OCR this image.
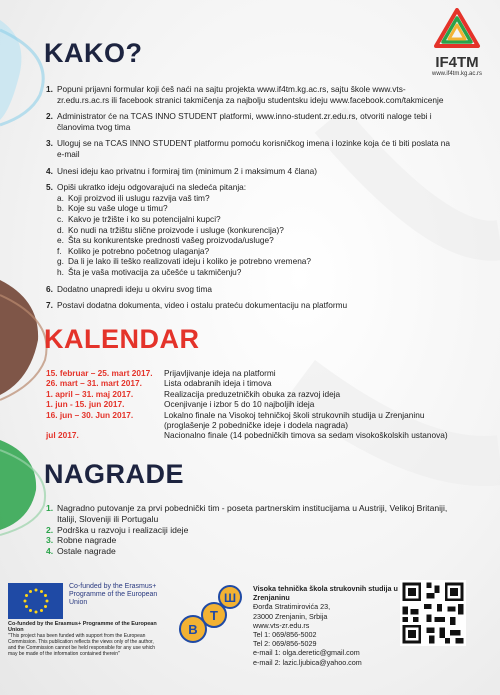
IF4TM
www.if4tm.kg.ac.rs
KAKO?
1. Popuni prijavni formular koji ćeš naći na sajtu projekta www.if4tm.kg.ac.rs, sajtu škole www.vts-zr.edu.rs.ac.rs ili facebook stranici takmičenja za najbolju studentsku ideju www.facebook.com/takmicenje
2. Administrator će na TCAS INNO STUDENT platformi, www.inno-student.zr.edu.rs, otvoriti naloge tebi i članovima tvog tima
3. Uloguj se na TCAS INNO STUDENT platformu pomoću korisničkog imena i lozinke koja će ti biti poslata na e-mail
4. Unesi ideju kao privatnu i formiraj tim (minimum 2 i maksimum 4 člana)
5. Opiši ukratko ideju odgovarajući na sledeća pitanja:
a. Koji proizvod ili uslugu razvija vaš tim?
b. Koje su vaše uloge u timu?
c. Kakvo je tržište i ko su potencijalni kupci?
d. Ko nudi na tržištu slične proizvode i usluge (konkurencija)?
e. Šta su konkurentske prednosti vašeg proizvoda/usluge?
f. Koliko je potrebno početnog ulaganja?
g. Da li je lako ili teško realizovati ideju i koliko je potrebno vremena?
h. Šta je vaša motivacija za učešće u takmičenju?
6. Dodatno unapredi ideju u okviru svog tima
7. Postavi dodatna dokumenta, video i ostalu prateću dokumentaciju na platformu
KALENDAR
15. februar – 25. mart 2017.	Prijavljivanje ideja na platformi
26. mart – 31. mart 2017.	Lista odabranih ideja i timova
1. april – 31. maj 2017.	Realizacija preduzetničkih obuka za razvoj ideja
1. jun - 15. jun 2017.	Ocenjivanje i izbor 5 do 10 najboljih ideja
16. jun – 30. Jun 2017.	Lokalno finale na Visokoj tehničkoj školi strukovnih studija u Zrenjaninu (proglašenje 2 pobedničke ideje i dodela nagrada)
jul 2017.	Nacionalno finale (14 pobedničkih timova sa sedam visokoškolskih ustanova)
NAGRADE
1. Nagradno putovanje za prvi pobednički tim - poseta partnerskim institucijama u Austriji, Velikoj Britaniji, Italiji, Sloveniji ili Portugalu
2. Podrška u razvoju i realizaciji ideje
3. Robne nagrade
4. Ostale nagrade
Co-funded by the Erasmus+ Programme of the European Union
Co-funded by the Erasmus+ Programme of the European Union
"This project has been funded with support from the European Commission. This publication reflects the views only of the author, and the Commission cannot be held responsible for any use which may be made of the information contained therein"
В
Т
Ш
Visoka tehnička škola strukovnih studija u Zrenjaninu
Đorđa Stratimirovića 23,
23000 Zrenjanin, Srbija
www.vts-zr.edu.rs
Tel 1: 069/856-5002
Tel 2: 069/856-5029
e-mail 1: olga.deretic@gmail.com
e-mail 2: lazic.ljubica@yahoo.com
